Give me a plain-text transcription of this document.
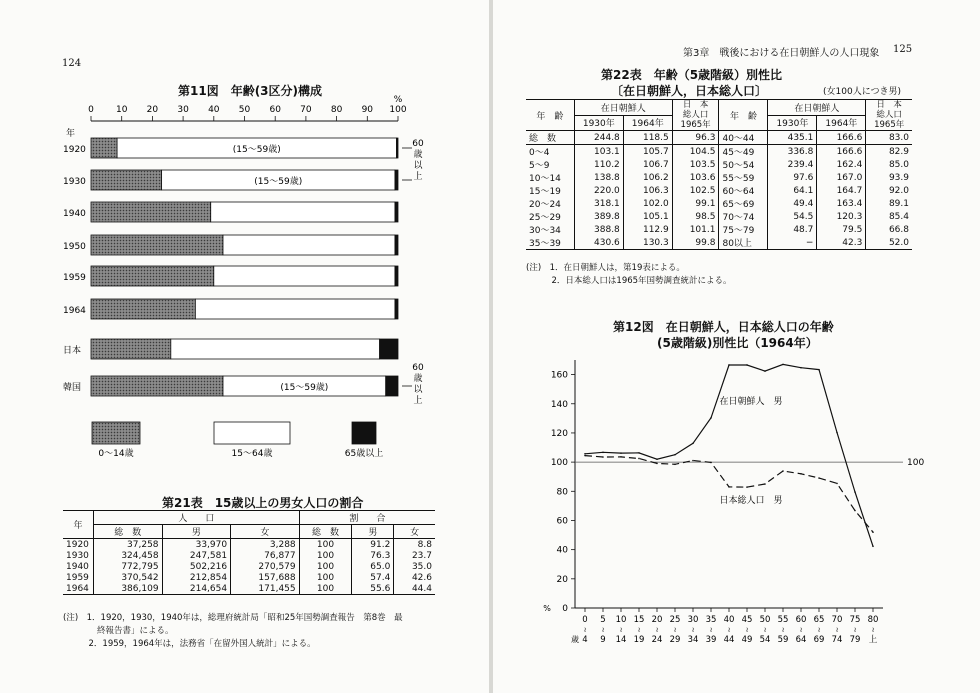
124
第11図　年齢(3区分)構成
0 10 20 30 40 50 60 70 80 90 100
%
年
1920	(15〜59歳)
1930	(15〜59歳)
1940
1950
1959
1964
日本
韓国	(15〜59歳)
60
歳
以
上
60
歳
以
上
0〜14歳	15〜64歳	65歳以上
第21表　15歳以上の男女人口の割合
年	人　　口			割　　合		
	総　数	男	女	総　数	男	女
1920	37,258	33,970	3,288	100	91.2	8.8
1930	324,458	247,581	76,877	100	76.3	23.7
1940	772,795	502,216	270,579	100	65.0	35.0
1959	370,542	212,854	157,688	100	57.4	42.6
1964	386,109	214,654	171,455	100	55.6	44.4
(注)　1．1920，1930，1940年は，総理府統計局「昭和25年国勢調査報告　第8巻　最
　　　　終報告書」による。
　　　2．1959，1964年は，法務省「在留外国人統計」による。
第3章　戦後における在日朝鮮人の人口現象 125
第22表　年齢（5歳階級）別性比
〔在日朝鮮人，日本総人口〕	(女100人につき男)
年　齢	在日朝鮮人		日　本
総人口
1965年	年　齢	在日朝鮮人		日　本
総人口
1965年
	1930年	1964年			1930年	1964年	
総　数	244.8	118.5	96.3	40〜44	435.1	166.6	83.0
0〜4	103.1	105.7	104.5	45〜49	336.8	166.6	82.9
5〜9	110.2	106.7	103.5	50〜54	239.4	162.4	85.0
10〜14	138.8	106.2	103.6	55〜59	97.6	167.0	93.9
15〜19	220.0	106.3	102.5	60〜64	64.1	164.7	92.0
20〜24	318.1	102.0	99.1	65〜69	49.4	163.4	89.1
25〜29	389.8	105.1	98.5	70〜74	54.5	120.3	85.4
30〜34	388.8	112.9	101.1	75〜79	48.7	79.5	66.8
35〜39	430.6	130.3	99.8	80以上	−	42.3	52.0
(注)　1．在日朝鮮人は，第19表による。
　　　2．日本総人口は1965年国勢調査統計による。
第12図　在日朝鮮人，日本総人口の年齢
(5歳階級)別性比（1964年）
0
20
40
60
80
100
120
140
160
%
100
0
≀
4
5
≀
9
10
≀
14
15
≀
19
20
≀
24
25
≀
29
30
≀
34
35
≀
39
40
≀
44
45
≀
49
50
≀
54
55
≀
59
60
≀
64
65
≀
69
70
≀
74
75
≀
79
80
≀
上
歳
在日朝鮮人　男
日本総人口　男
